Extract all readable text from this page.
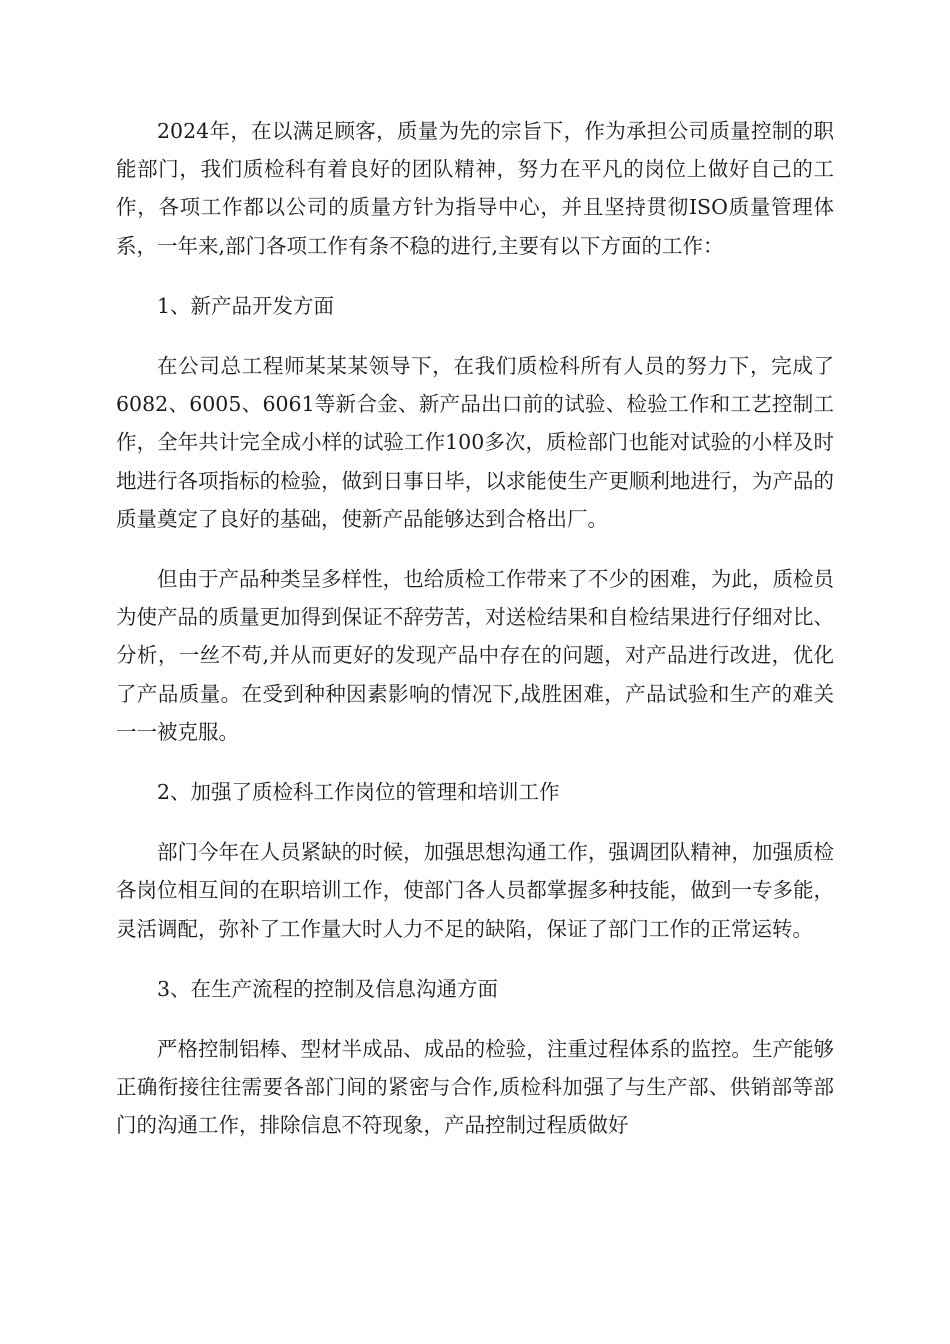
2024年，在以满足顾客，质量为先的宗旨下，作为承担公司质量控制的职能部门，我们质检科有着良好的团队精神，努力在平凡的岗位上做好自己的工作，各项工作都以公司的质量方针为指导中心，并且坚持贯彻ISO质量管理体系，一年来,部门各项工作有条不稳的进行,主要有以下方面的工作：

1、新产品开发方面

在公司总工程师某某某领导下，在我们质检科所有人员的努力下，完成了6082、6005、6061等新合金、新产品出口前的试验、检验工作和工艺控制工作，全年共计完全成小样的试验工作100多次，质检部门也能对试验的小样及时地进行各项指标的检验，做到日事日毕，以求能使生产更顺利地进行，为产品的质量奠定了良好的基础，使新产品能够达到合格出厂。

但由于产品种类呈多样性，也给质检工作带来了不少的困难，为此，质检员为使产品的质量更加得到保证不辞劳苦，对送检结果和自检结果进行仔细对比、分析，一丝不苟,并从而更好的发现产品中存在的问题，对产品进行改进，优化了产品质量。在受到种种因素影响的情况下,战胜困难，产品试验和生产的难关一一被克服。

2、加强了质检科工作岗位的管理和培训工作

部门今年在人员紧缺的时候，加强思想沟通工作，强调团队精神，加强质检各岗位相互间的在职培训工作，使部门各人员都掌握多种技能，做到一专多能，灵活调配，弥补了工作量大时人力不足的缺陷，保证了部门工作的正常运转。

3、在生产流程的控制及信息沟通方面

严格控制铝棒、型材半成品、成品的检验，注重过程体系的监控。生产能够正确衔接往往需要各部门间的紧密与合作,质检科加强了与生产部、供销部等部门的沟通工作，排除信息不符现象，产品控制过程质做好
